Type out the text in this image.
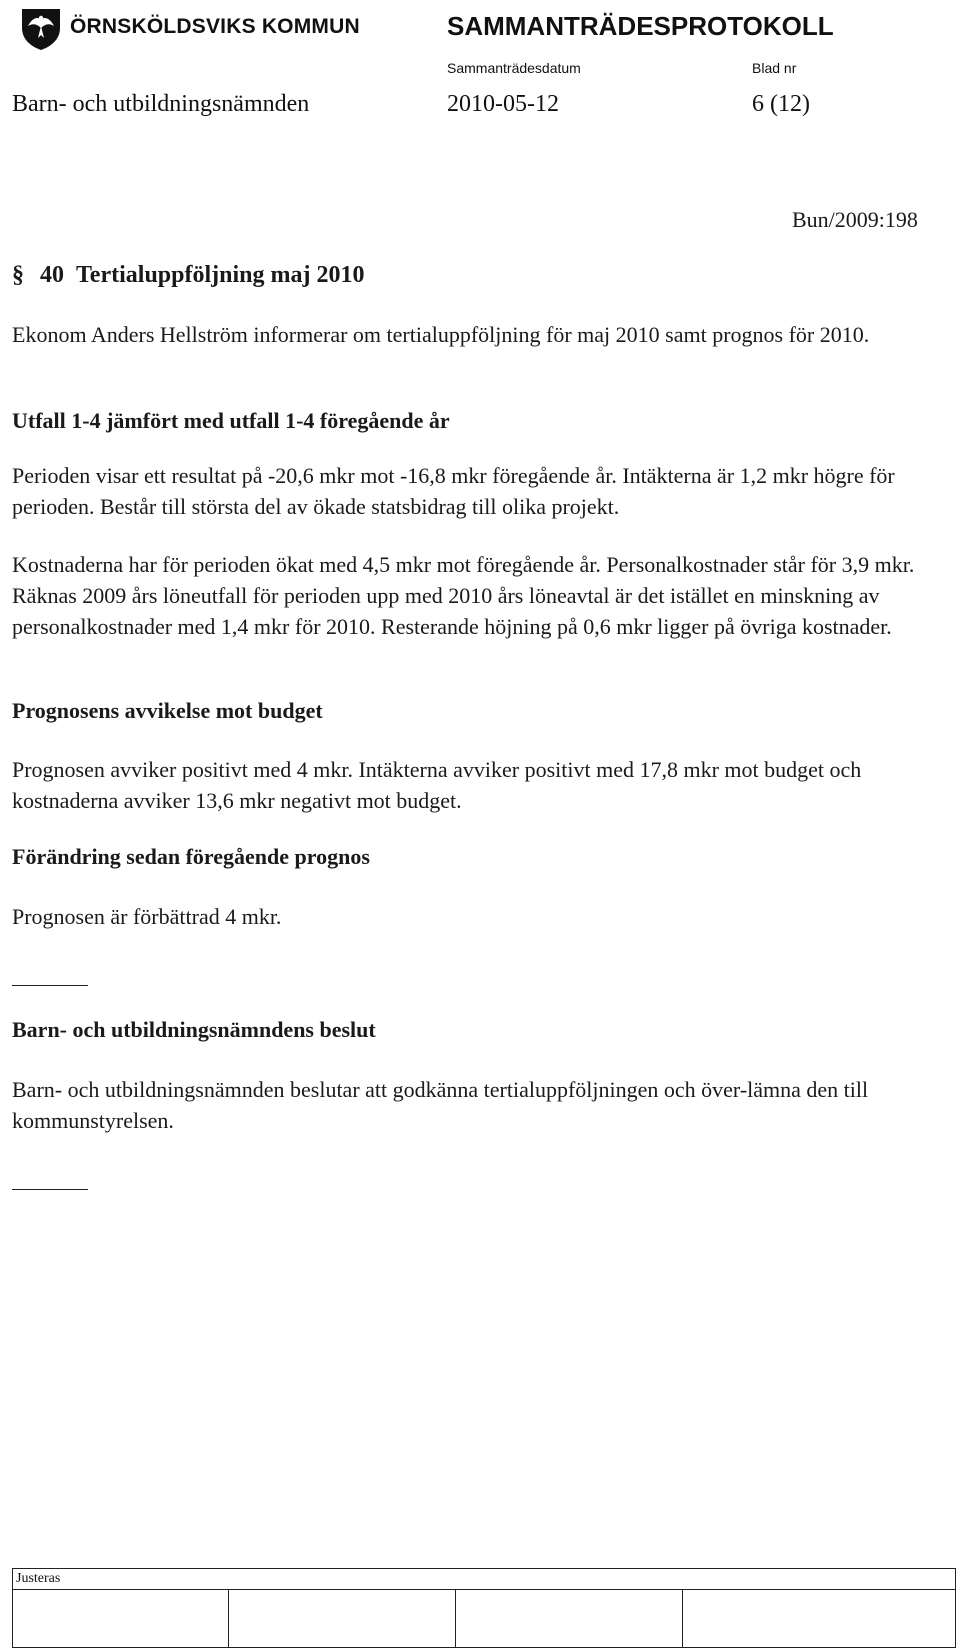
ÖRNSKÖLDSVIKS KOMMUN	SAMMANTRÄDESPROTOKOLL
Sammanträdesdatum	Blad nr
Barn- och utbildningsnämnden	2010-05-12	6 (12)
Bun/2009:198
§ 40 Tertialuppföljning maj 2010

Ekonom Anders Hellström informerar om tertialuppföljning för maj 2010 samt prognos för 2010.

Utfall 1-4 jämfört med utfall 1-4 föregående år

Perioden visar ett resultat på -20,6 mkr mot -16,8 mkr föregående år. Intäkterna är 1,2 mkr högre för perioden. Består till största del av ökade statsbidrag till olika projekt.

Kostnaderna har för perioden ökat med 4,5 mkr mot föregående år. Personalkostnader står för 3,9 mkr. Räknas 2009 års löneutfall för perioden upp med 2010 års löneavtal är det istället en minskning av personalkostnader med 1,4 mkr för 2010. Resterande höjning på 0,6 mkr ligger på övriga kostnader.

Prognosens avvikelse mot budget

Prognosen avviker positivt med 4 mkr. Intäkterna avviker positivt med 17,8 mkr mot budget och kostnaderna avviker 13,6 mkr negativt mot budget.

Förändring sedan föregående prognos

Prognosen är förbättrad 4 mkr.

Barn- och utbildningsnämndens beslut

Barn- och utbildningsnämnden beslutar att godkänna tertialuppföljningen och över-lämna den till kommunstyrelsen.

Justeras
